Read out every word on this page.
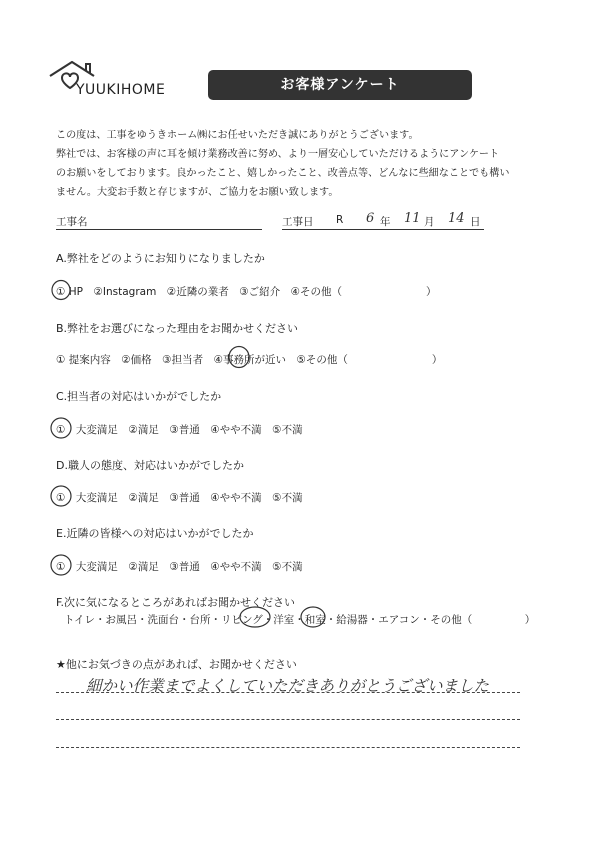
YUUKIHOME	お客様アンケート
この度は、工事をゆうきホーム㈱にお任せいただき誠にありがとうございます。
弊社では、お客様の声に耳を傾け業務改善に努め、より一層安心していただけるようにアンケート
のお願いをしております。良かったこと、嬉しかったこと、改善点等、どんなに些細なことでも構い
ません。大変お手数と存じますが、ご協力をお願い致します。
工事名	工事日 R 6 年 11 月 14 日
A.弊社をどのようにお知りになりましたか
① HP　②Instagram　②近隣の業者　③ご紹介　④その他（　　　　　　　　）
B.弊社をお選びになった理由をお聞かせください
① 提案内容　②価格　③担当者　④事務所が近い　⑤その他（　　　　　　　　）
C.担当者の対応はいかがでしたか
①　大変満足　②満足　③普通　④やや不満　⑤不満
D.職人の態度、対応はいかがでしたか
①　大変満足　②満足　③普通　④やや不満　⑤不満
E.近隣の皆様への対応はいかがでしたか
①　大変満足　②満足　③普通　④やや不満　⑤不満
F.次に気になるところがあればお聞かせください
トイレ・お風呂・洗面台・台所・リビング・洋室・和室・給湯器・エアコン・その他（　　　　　）
★他にお気づきの点があれば、お聞かせください
細かい作業までよくしていただきありがとうございました
